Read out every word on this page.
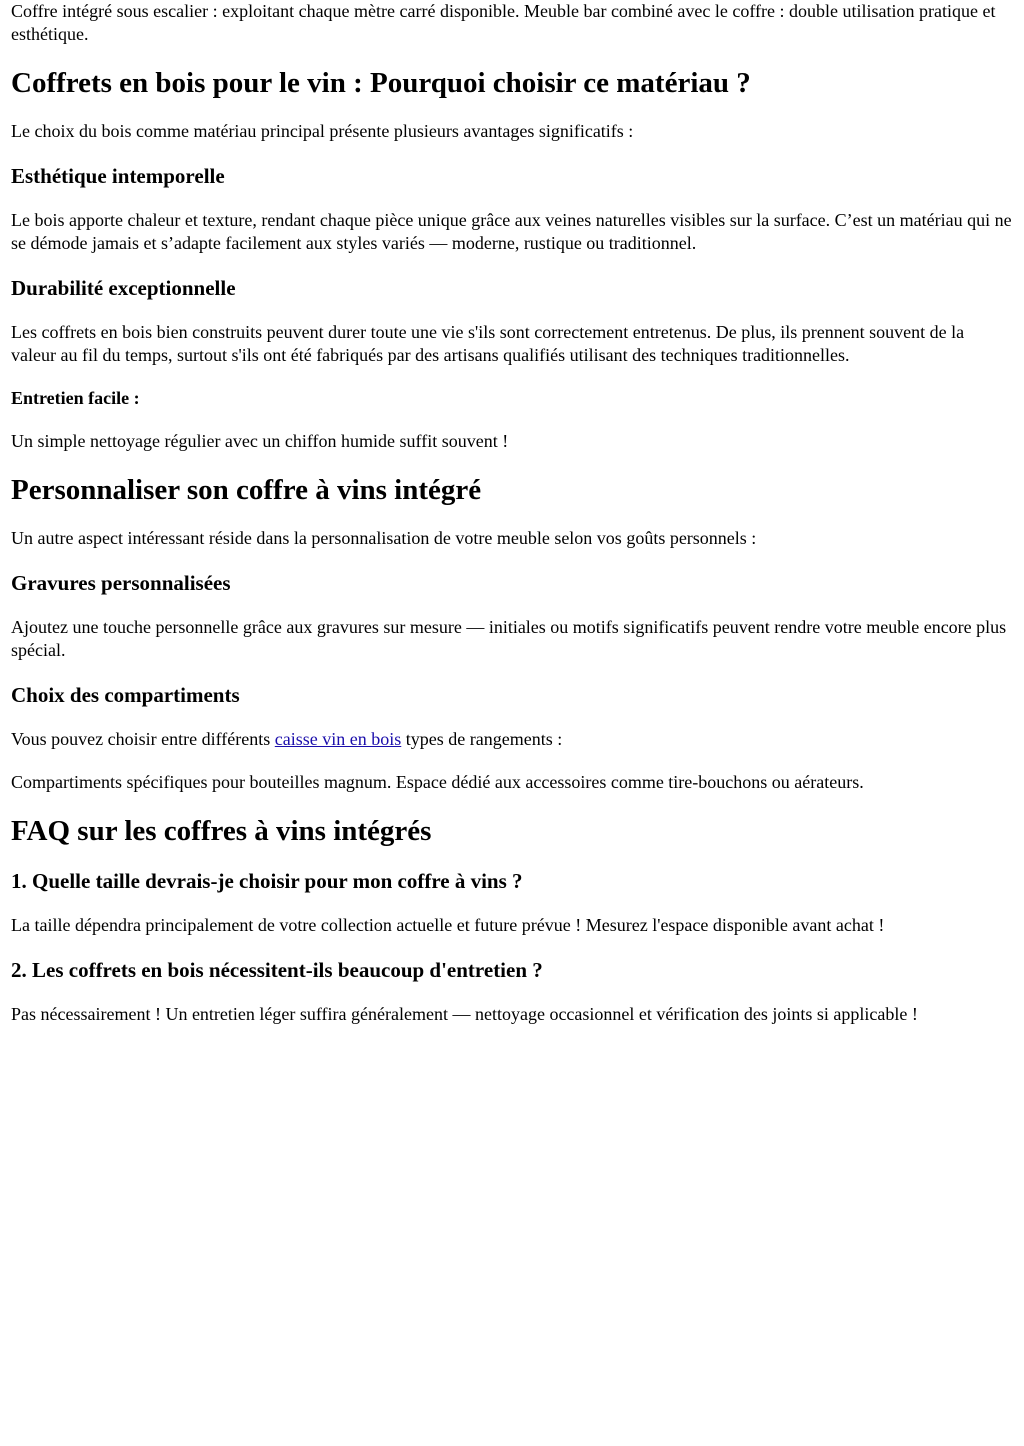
Coffre intégré sous escalier : exploitant chaque mètre carré disponible. Meuble bar combiné avec le coffre : double utilisation pratique et esthétique.

Coffrets en bois pour le vin : Pourquoi choisir ce matériau ?

Le choix du bois comme matériau principal présente plusieurs avantages significatifs :

Esthétique intemporelle

Le bois apporte chaleur et texture, rendant chaque pièce unique grâce aux veines naturelles visibles sur la surface. C’est un matériau qui ne se démode jamais et s’adapte facilement aux styles variés — moderne, rustique ou traditionnel.

Durabilité exceptionnelle

Les coffrets en bois bien construits peuvent durer toute une vie s'ils sont correctement entretenus. De plus, ils prennent souvent de la valeur au fil du temps, surtout s'ils ont été fabriqués par des artisans qualifiés utilisant des techniques traditionnelles.

Entretien facile :

Un simple nettoyage régulier avec un chiffon humide suffit souvent !

Personnaliser son coffre à vins intégré

Un autre aspect intéressant réside dans la personnalisation de votre meuble selon vos goûts personnels :

Gravures personnalisées

Ajoutez une touche personnelle grâce aux gravures sur mesure — initiales ou motifs significatifs peuvent rendre votre meuble encore plus spécial.

Choix des compartiments

Vous pouvez choisir entre différents caisse vin en bois types de rangements :

Compartiments spécifiques pour bouteilles magnum. Espace dédié aux accessoires comme tire-bouchons ou aérateurs.

FAQ sur les coffres à vins intégrés
1. Quelle taille devrais-je choisir pour mon coffre à vins ?

La taille dépendra principalement de votre collection actuelle et future prévue ! Mesurez l'espace disponible avant achat !

2. Les coffrets en bois nécessitent-ils beaucoup d'entretien ?

Pas nécessairement ! Un entretien léger suffira généralement — nettoyage occasionnel et vérification des joints si applicable !
